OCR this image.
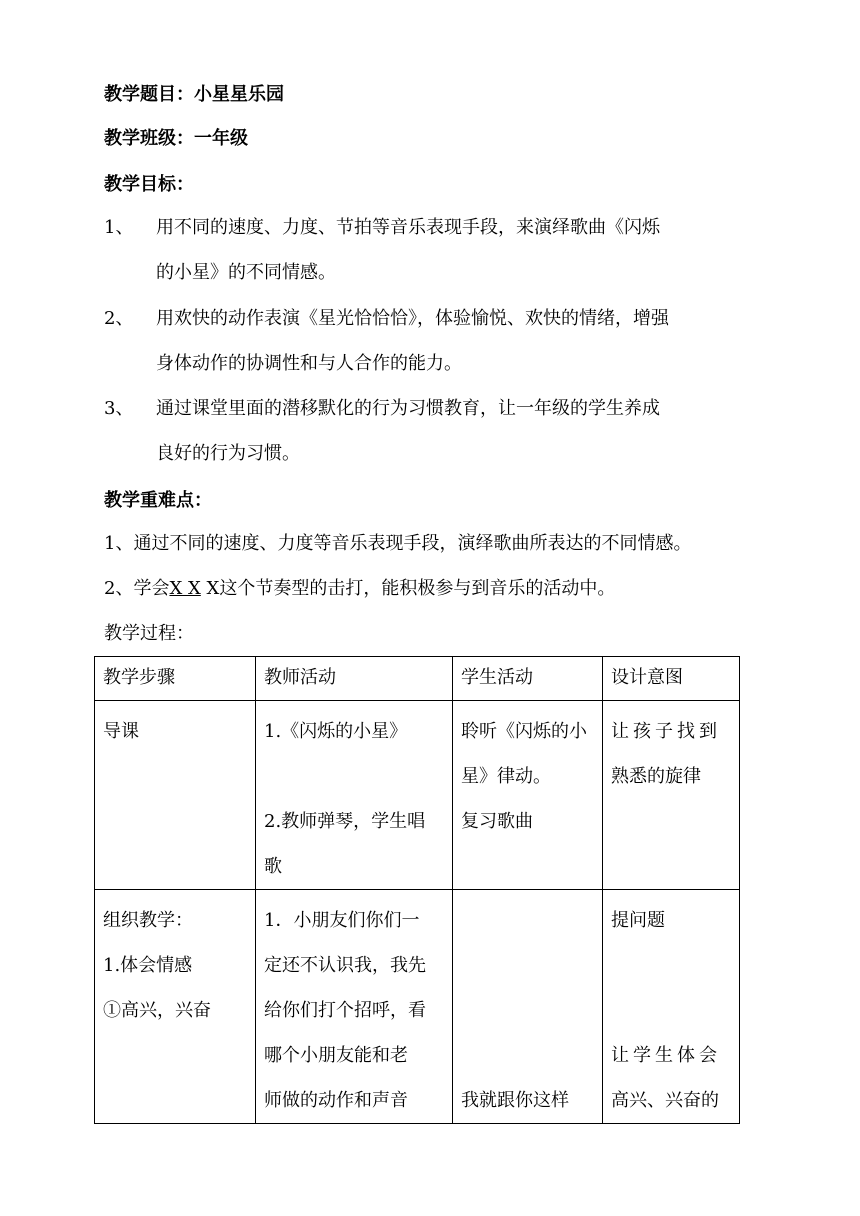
教学题目：小星星乐园
教学班级：一年级
教学目标：
1、 用不同的速度、力度、节拍等音乐表现手段，来演绎歌曲《闪烁
的小星》的不同情感。
2、 用欢快的动作表演《星光恰恰恰》，体验愉悦、欢快的情绪，增强
身体动作的协调性和与人合作的能力。
3、 通过课堂里面的潜移默化的行为习惯教育，让一年级的学生养成
良好的行为习惯。
教学重难点：
1、通过不同的速度、力度等音乐表现手段，演绎歌曲所表达的不同情感。
2、学会X X X这个节奏型的击打，能积极参与到音乐的活动中。
教学过程：
教学步骤	教师活动	学生活动	设计意图

导课	1.《闪烁的小星》
2.教师弹琴，学生唱
歌	聆听《闪烁的小
星》律动。
复习歌曲	让孩子找到
熟悉的旋律

组织教学：
1.体会情感
①高兴，兴奋	1．小朋友们你们一
定还不认识我，我先
给你们打个招呼，看
哪个小朋友能和老
师做的动作和声音	我就跟你这样	提问题
让学生体会
高兴、兴奋的
